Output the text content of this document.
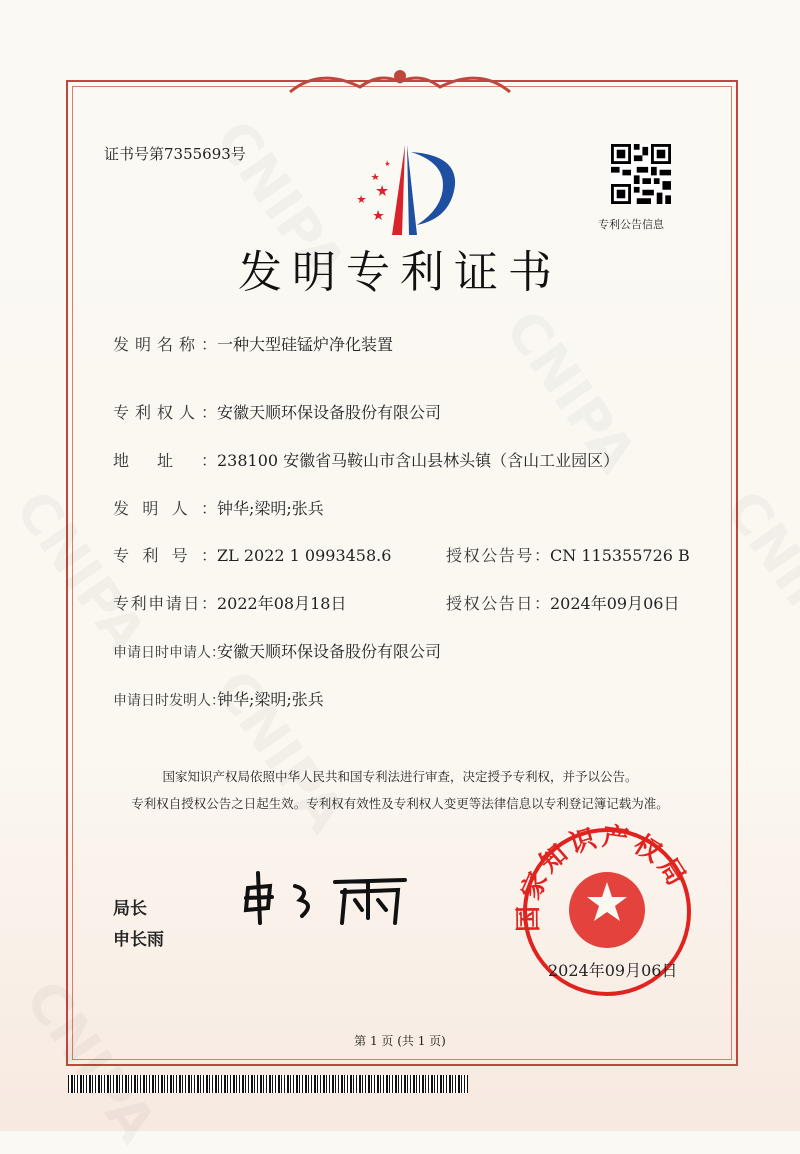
证书号第7355693号
专利公告信息
发明专利证书
发明名称：一种大型硅锰炉净化装置
专利权人：安徽天顺环保设备股份有限公司
地址：238100 安徽省马鞍山市含山县林头镇（含山工业园区）
发明人：钟华;梁明;张兵
专利号：ZL 2022 1 0993458.6
专利申请日：2022年08月18日
申请日时申请人：安徽天顺环保设备股份有限公司
申请日时发明人：钟华;梁明;张兵
授权公告号：CN 115355726 B
授权公告日：2024年09月06日
国家知识产权局依照中华人民共和国专利法进行审查，决定授予专利权，并予以公告。
专利权自授权公告之日起生效。专利权有效性及专利权人变更等法律信息以专利登记簿记载为准。
局长
申长雨
国家知识产权局
2024年09月06日
第 1 页 (共 1 页)
